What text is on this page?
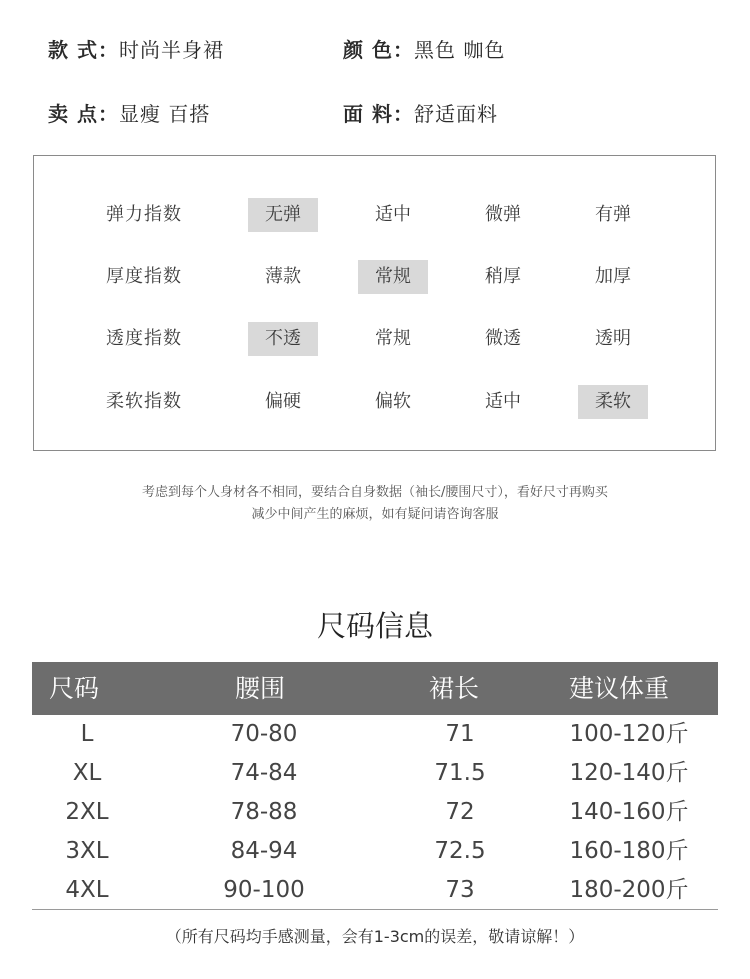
款 式：时尚半身裙	颜 色：黑色 咖色
卖 点：显瘦 百搭	面 料：舒适面料
弹力指数	无弹	适中	微弹	有弹
厚度指数	薄款	常规	稍厚	加厚
透度指数	不透	常规	微透	透明
柔软指数	偏硬	偏软	适中	柔软
考虑到每个人身材各不相同，要结合自身数据（袖长/腰围尺寸），看好尺寸再购买
减少中间产生的麻烦，如有疑问请咨询客服
尺码信息
尺码	腰围	裙长	建议体重
L	70-80	71	100-120斤
XL	74-84	71.5	120-140斤
2XL	78-88	72	140-160斤
3XL	84-94	72.5	160-180斤
4XL	90-100	73	180-200斤
（所有尺码均手感测量，会有1-3cm的误差，敬请谅解！）
